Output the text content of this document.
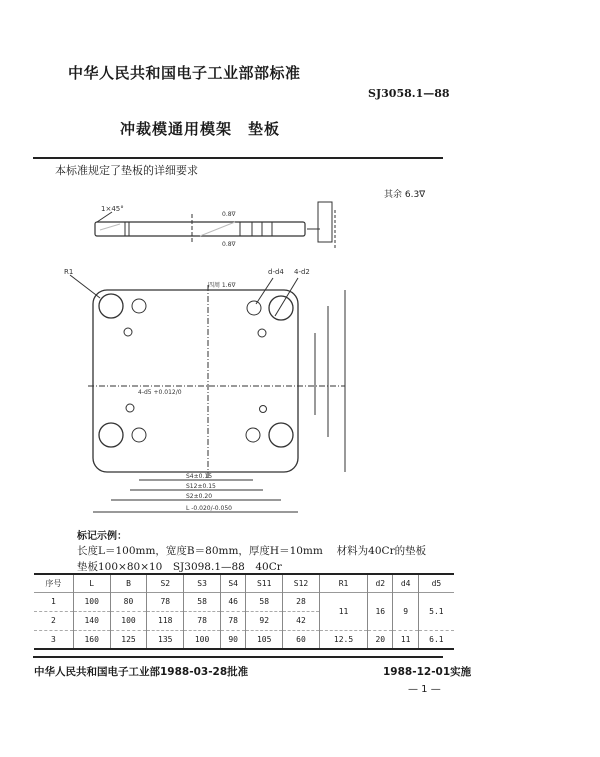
中华人民共和国电子工业部部标准
SJ3058.1—88
冲裁模通用模架　垫板
本标准规定了垫板的详细要求
其余 6.3∇
1×45°
0.8∇
0.8∇
R1	d-d4 4-d2
四周 1.6∇
4-d5 +0.012/0
S4±0.15
S12±0.15
S2±0.20
L -0.020/-0.050
标记示例：
长度L＝100mm，宽度B＝80mm，厚度H＝10mm　 材料为40Cr的垫板
垫板100×80×10　SJ3098.1—88　40Cr
序号	L	B	S2	S3	S4	S11	S12	R1	d2	d4	d5
1	100	80	78	58	46	58	28	11	16	9	5.1
2	140	100	118	78	78	92	42				
3	160	125	135	100	90	105	60	12.5	20	11	6.1
中华人民共和国电子工业部1988-03-28批准	1988-12-01实施
— 1 —
